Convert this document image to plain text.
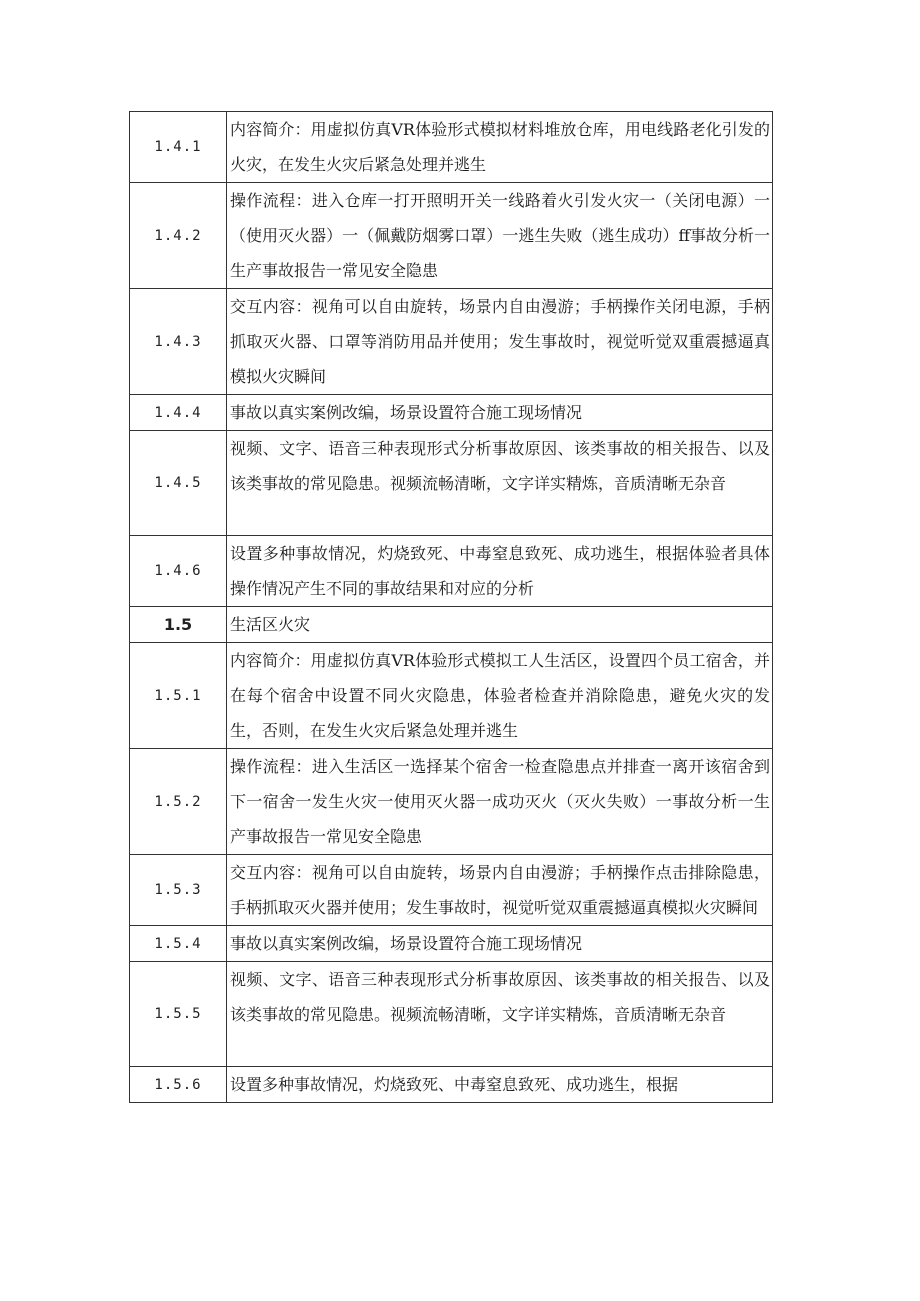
1.4.1	内容简介：用虚拟仿真VR体验形式模拟材料堆放仓库，用电线路老化引发的火灾，在发生火灾后紧急处理并逃生
1.4.2	操作流程：进入仓库一打开照明开关一线路着火引发火灾一（关闭电源）一（使用灭火器）一（佩戴防烟雾口罩）一逃生失败（逃生成功）ff事故分析一生产事故报告一常见安全隐患
1.4.3	交互内容：视角可以自由旋转，场景内自由漫游；手柄操作关闭电源，手柄抓取灭火器、口罩等消防用品并使用；发生事故时，视觉听觉双重震撼逼真模拟火灾瞬间
1.4.4	事故以真实案例改编，场景设置符合施工现场情况
1.4.5	视频、文字、语音三种表现形式分析事故原因、该类事故的相关报告、以及该类事故的常见隐患。视频流畅清晰，文字详实精炼，音质清晰无杂音
1.4.6	设置多种事故情况，灼烧致死、中毒窒息致死、成功逃生，根据体验者具体操作情况产生不同的事故结果和对应的分析
1.5	生活区火灾
1.5.1	内容简介：用虚拟仿真VR体验形式模拟工人生活区，设置四个员工宿舍，并在每个宿舍中设置不同火灾隐患，体验者检查并消除隐患，避免火灾的发生，否则，在发生火灾后紧急处理并逃生
1.5.2	操作流程：进入生活区一选择某个宿舍一检查隐患点并排查一离开该宿舍到下一宿舍一发生火灾一使用灭火器一成功灭火（灭火失败）一事故分析一生产事故报告一常见安全隐患
1.5.3	交互内容：视角可以自由旋转，场景内自由漫游；手柄操作点击排除隐患，手柄抓取灭火器并使用；发生事故时，视觉听觉双重震撼逼真模拟火灾瞬间
1.5.4	事故以真实案例改编，场景设置符合施工现场情况
1.5.5	视频、文字、语音三种表现形式分析事故原因、该类事故的相关报告、以及该类事故的常见隐患。视频流畅清晰，文字详实精炼，音质清晰无杂音
1.5.6	设置多种事故情况，灼烧致死、中毒窒息致死、成功逃生，根据
